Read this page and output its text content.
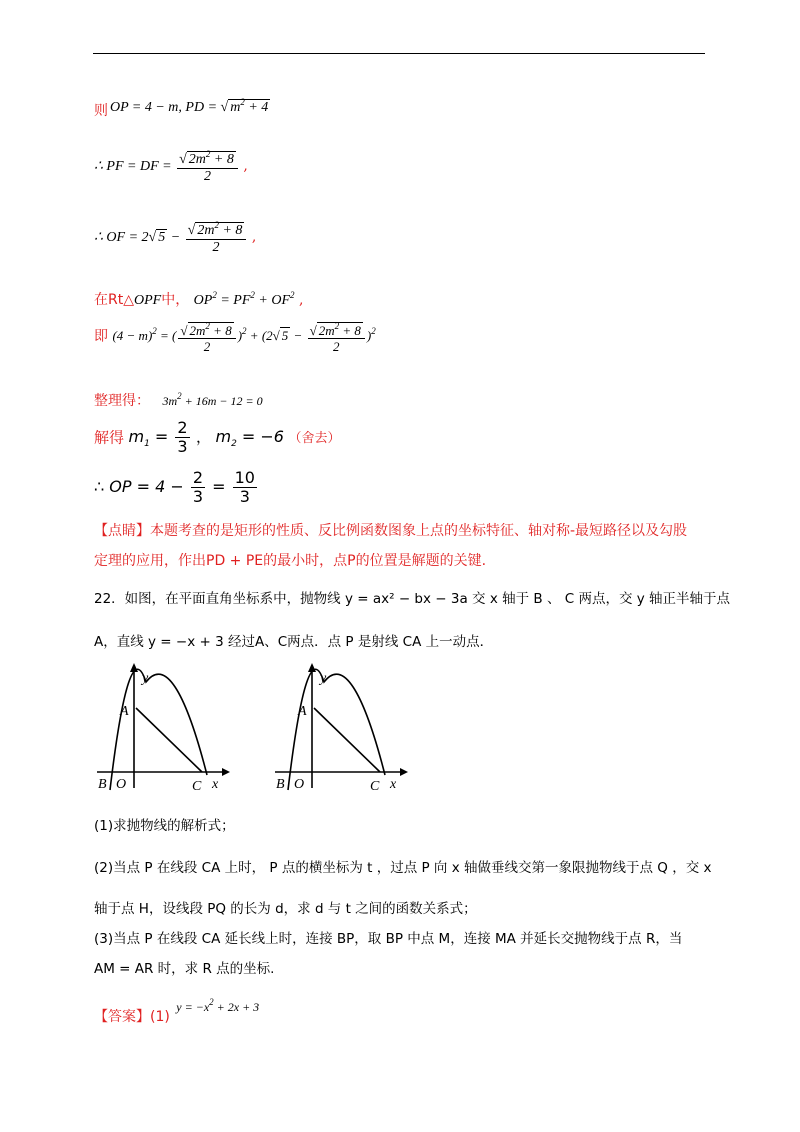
则 OP = 4 − m, PD = √ $m^2 + 4$
∴ PF = DF = $\frac{√ 2m^2 + 8}{2}$ ,
∴ OF = 2√ $5 - \frac{√ 2m^2 + 8}{2}$ ,
在Rt△OPF中， $OP^2 = PF^2 + OF^2$ ,
即 $(4 - m)^2$ = ( $\frac{√ 2m^2 + 8}{2} )^2 + (2√$ $5 - \frac{√ 2m^2 + 8}{2} )^2$
整理得： $3m^2 + 16m - 12 = 0$
解得 $m_1 = \frac{2}{3}$ ， $m_2 = -6$ （舍去）
∴ OP = $4 - \frac{2}{3} = \frac{10}{3}$
【点睛】本题考查的是矩形的性质、反比例函数图象上点的坐标特征、轴对称-最短路径以及勾股
定理的应用，作出PD + PE的最小时，点P的位置是解题的关键.
22．如图，在平面直角坐标系中，抛物线 y = ax² − bx − 3a 交 x 轴于 B 、 C 两点，交 y 轴正半轴于点
A，直线 y = −x + 3 经过A、C两点．点 P 是射线 CA 上一动点．
y
A
B O	C x
y
A
B O	C x
(1)求抛物线的解析式；
(2)当点 P 在线段 CA 上时， P 点的横坐标为 t ，过点 P 向 x 轴做垂线交第一象限抛物线于点 Q ，交 x
轴于点 H，设线段 PQ 的长为 d，求 d 与 t 之间的函数关系式；
(3)当点 P 在线段 CA 延长线上时，连接 BP，取 BP 中点 M，连接 MA 并延长交抛物线于点 R，当
AM = AR 时，求 R 点的坐标.
【答案】(1) $y = -x^2 + 2x + 3$
